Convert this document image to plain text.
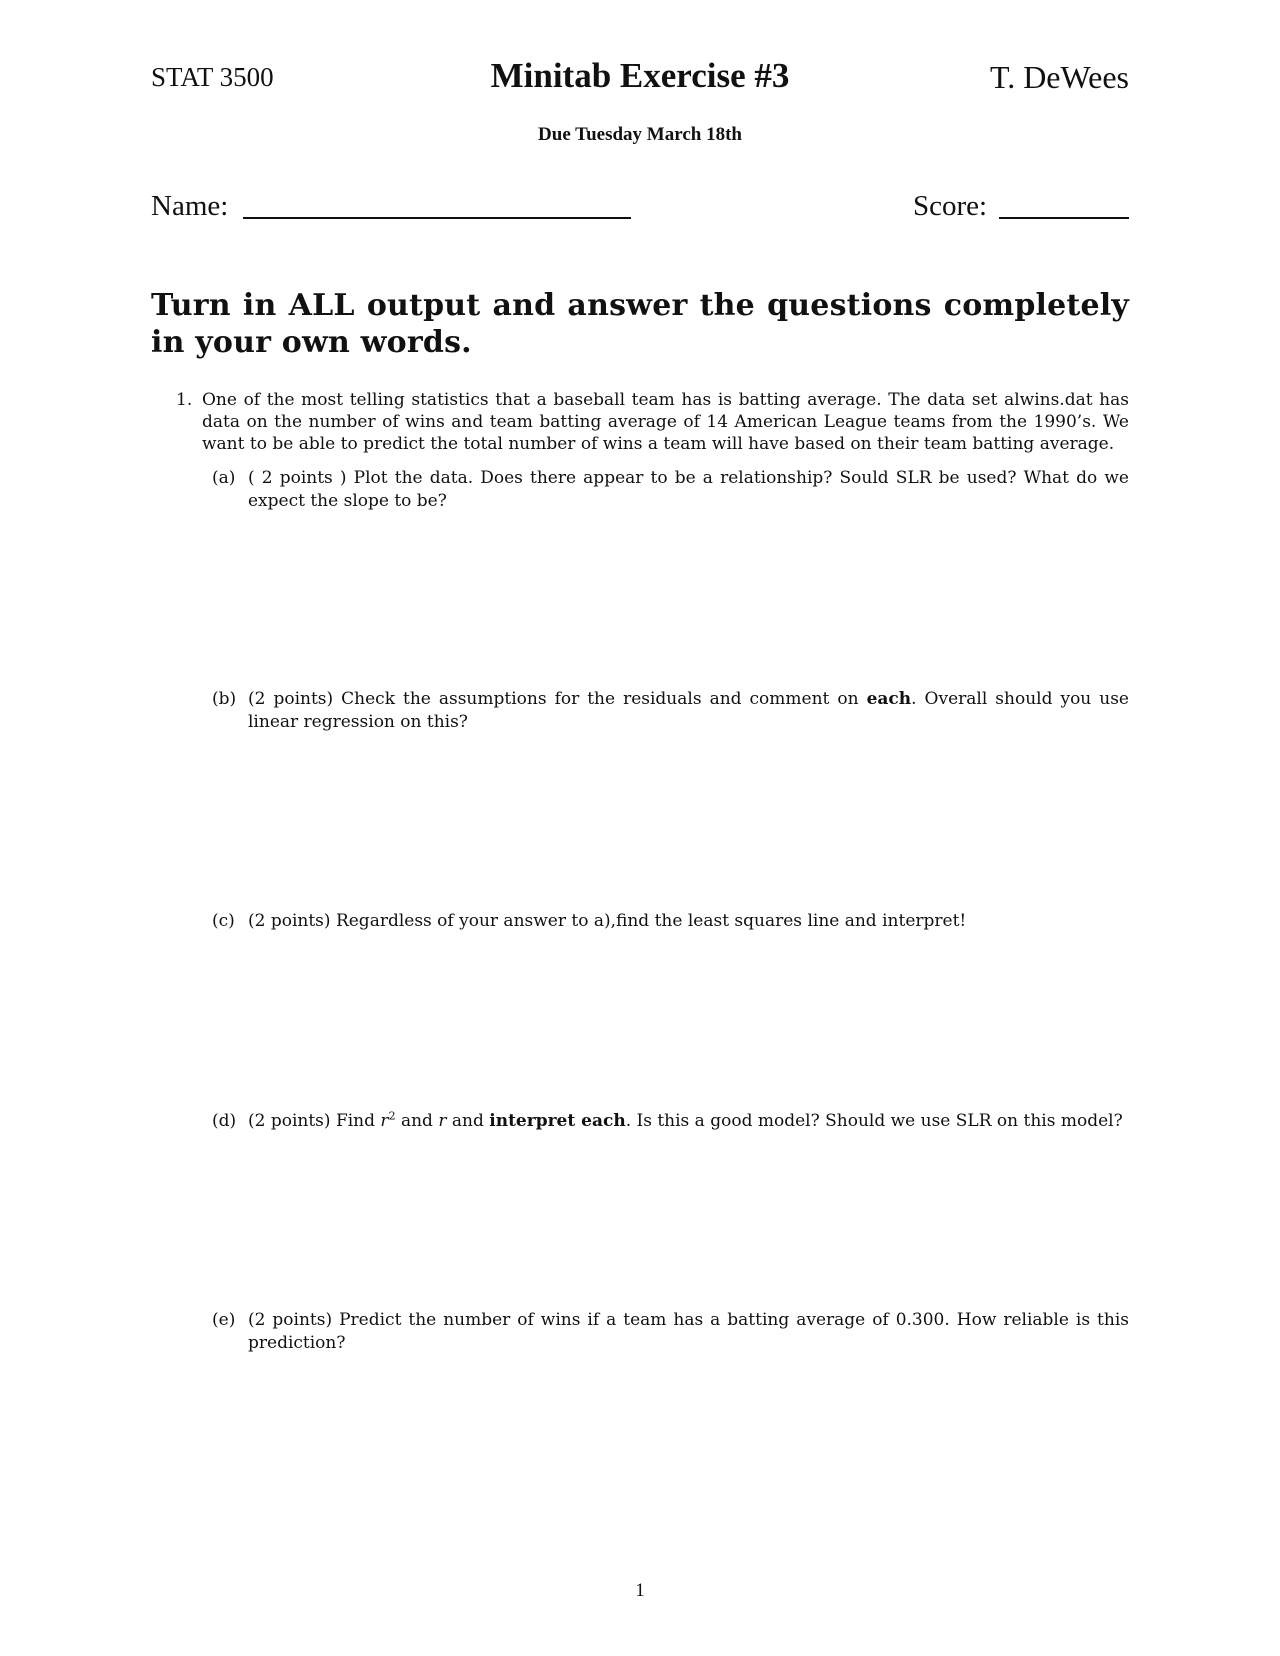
STAT 3500	Minitab Exercise #3	T. DeWees
Due Tuesday March 18th
Name:	Score:
Turn in ALL output and answer the questions completely in your own words.
1. One of the most telling statistics that a baseball team has is batting average. The data set alwins.dat has data on the number of wins and team batting average of 14 American League teams from the 1990’s. We want to be able to predict the total number of wins a team will have based on their team batting average.
(a) ( 2 points ) Plot the data. Does there appear to be a relationship? Sould SLR be used? What do we expect the slope to be?
(b) (2 points) Check the assumptions for the residuals and comment on each. Overall should you use linear regression on this?
(c) (2 points) Regardless of your answer to a),find the least squares line and interpret!
(d) (2 points) Find $r^2$ and r and interpret each. Is this a good model? Should we use SLR on this model?
(e) (2 points) Predict the number of wins if a team has a batting average of 0.300. How reliable is this prediction?
1
